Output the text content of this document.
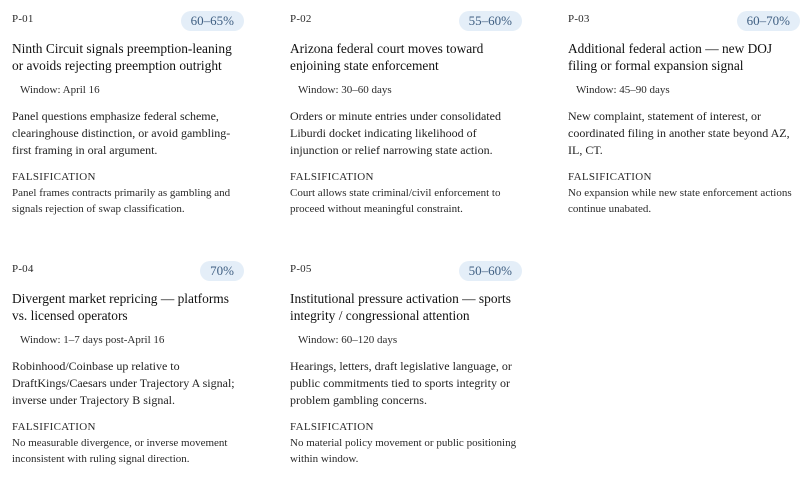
P-01	60–65%
Ninth Circuit signals preemption-leaning or avoids rejecting preemption outright
Window: April 16
Panel questions emphasize federal scheme, clearinghouse distinction, or avoid gambling-first framing in oral argument.
FALSIFICATION
Panel frames contracts primarily as gambling and signals rejection of swap classification.
P-02	55–60%
Arizona federal court moves toward enjoining state enforcement
Window: 30–60 days
Orders or minute entries under consolidated Liburdi docket indicating likelihood of injunction or relief narrowing state action.
FALSIFICATION
Court allows state criminal/civil enforcement to proceed without meaningful constraint.
P-03	60–70%
Additional federal action — new DOJ filing or formal expansion signal
Window: 45–90 days
New complaint, statement of interest, or coordinated filing in another state beyond AZ, IL, CT.
FALSIFICATION
No expansion while new state enforcement actions continue unabated.
P-04	70%
Divergent market repricing — platforms vs. licensed operators
Window: 1–7 days post-April 16
Robinhood/Coinbase up relative to DraftKings/Caesars under Trajectory A signal; inverse under Trajectory B signal.
FALSIFICATION
No measurable divergence, or inverse movement inconsistent with ruling signal direction.
P-05	50–60%
Institutional pressure activation — sports integrity / congressional attention
Window: 60–120 days
Hearings, letters, draft legislative language, or public commitments tied to sports integrity or problem gambling concerns.
FALSIFICATION
No material policy movement or public positioning within window.
